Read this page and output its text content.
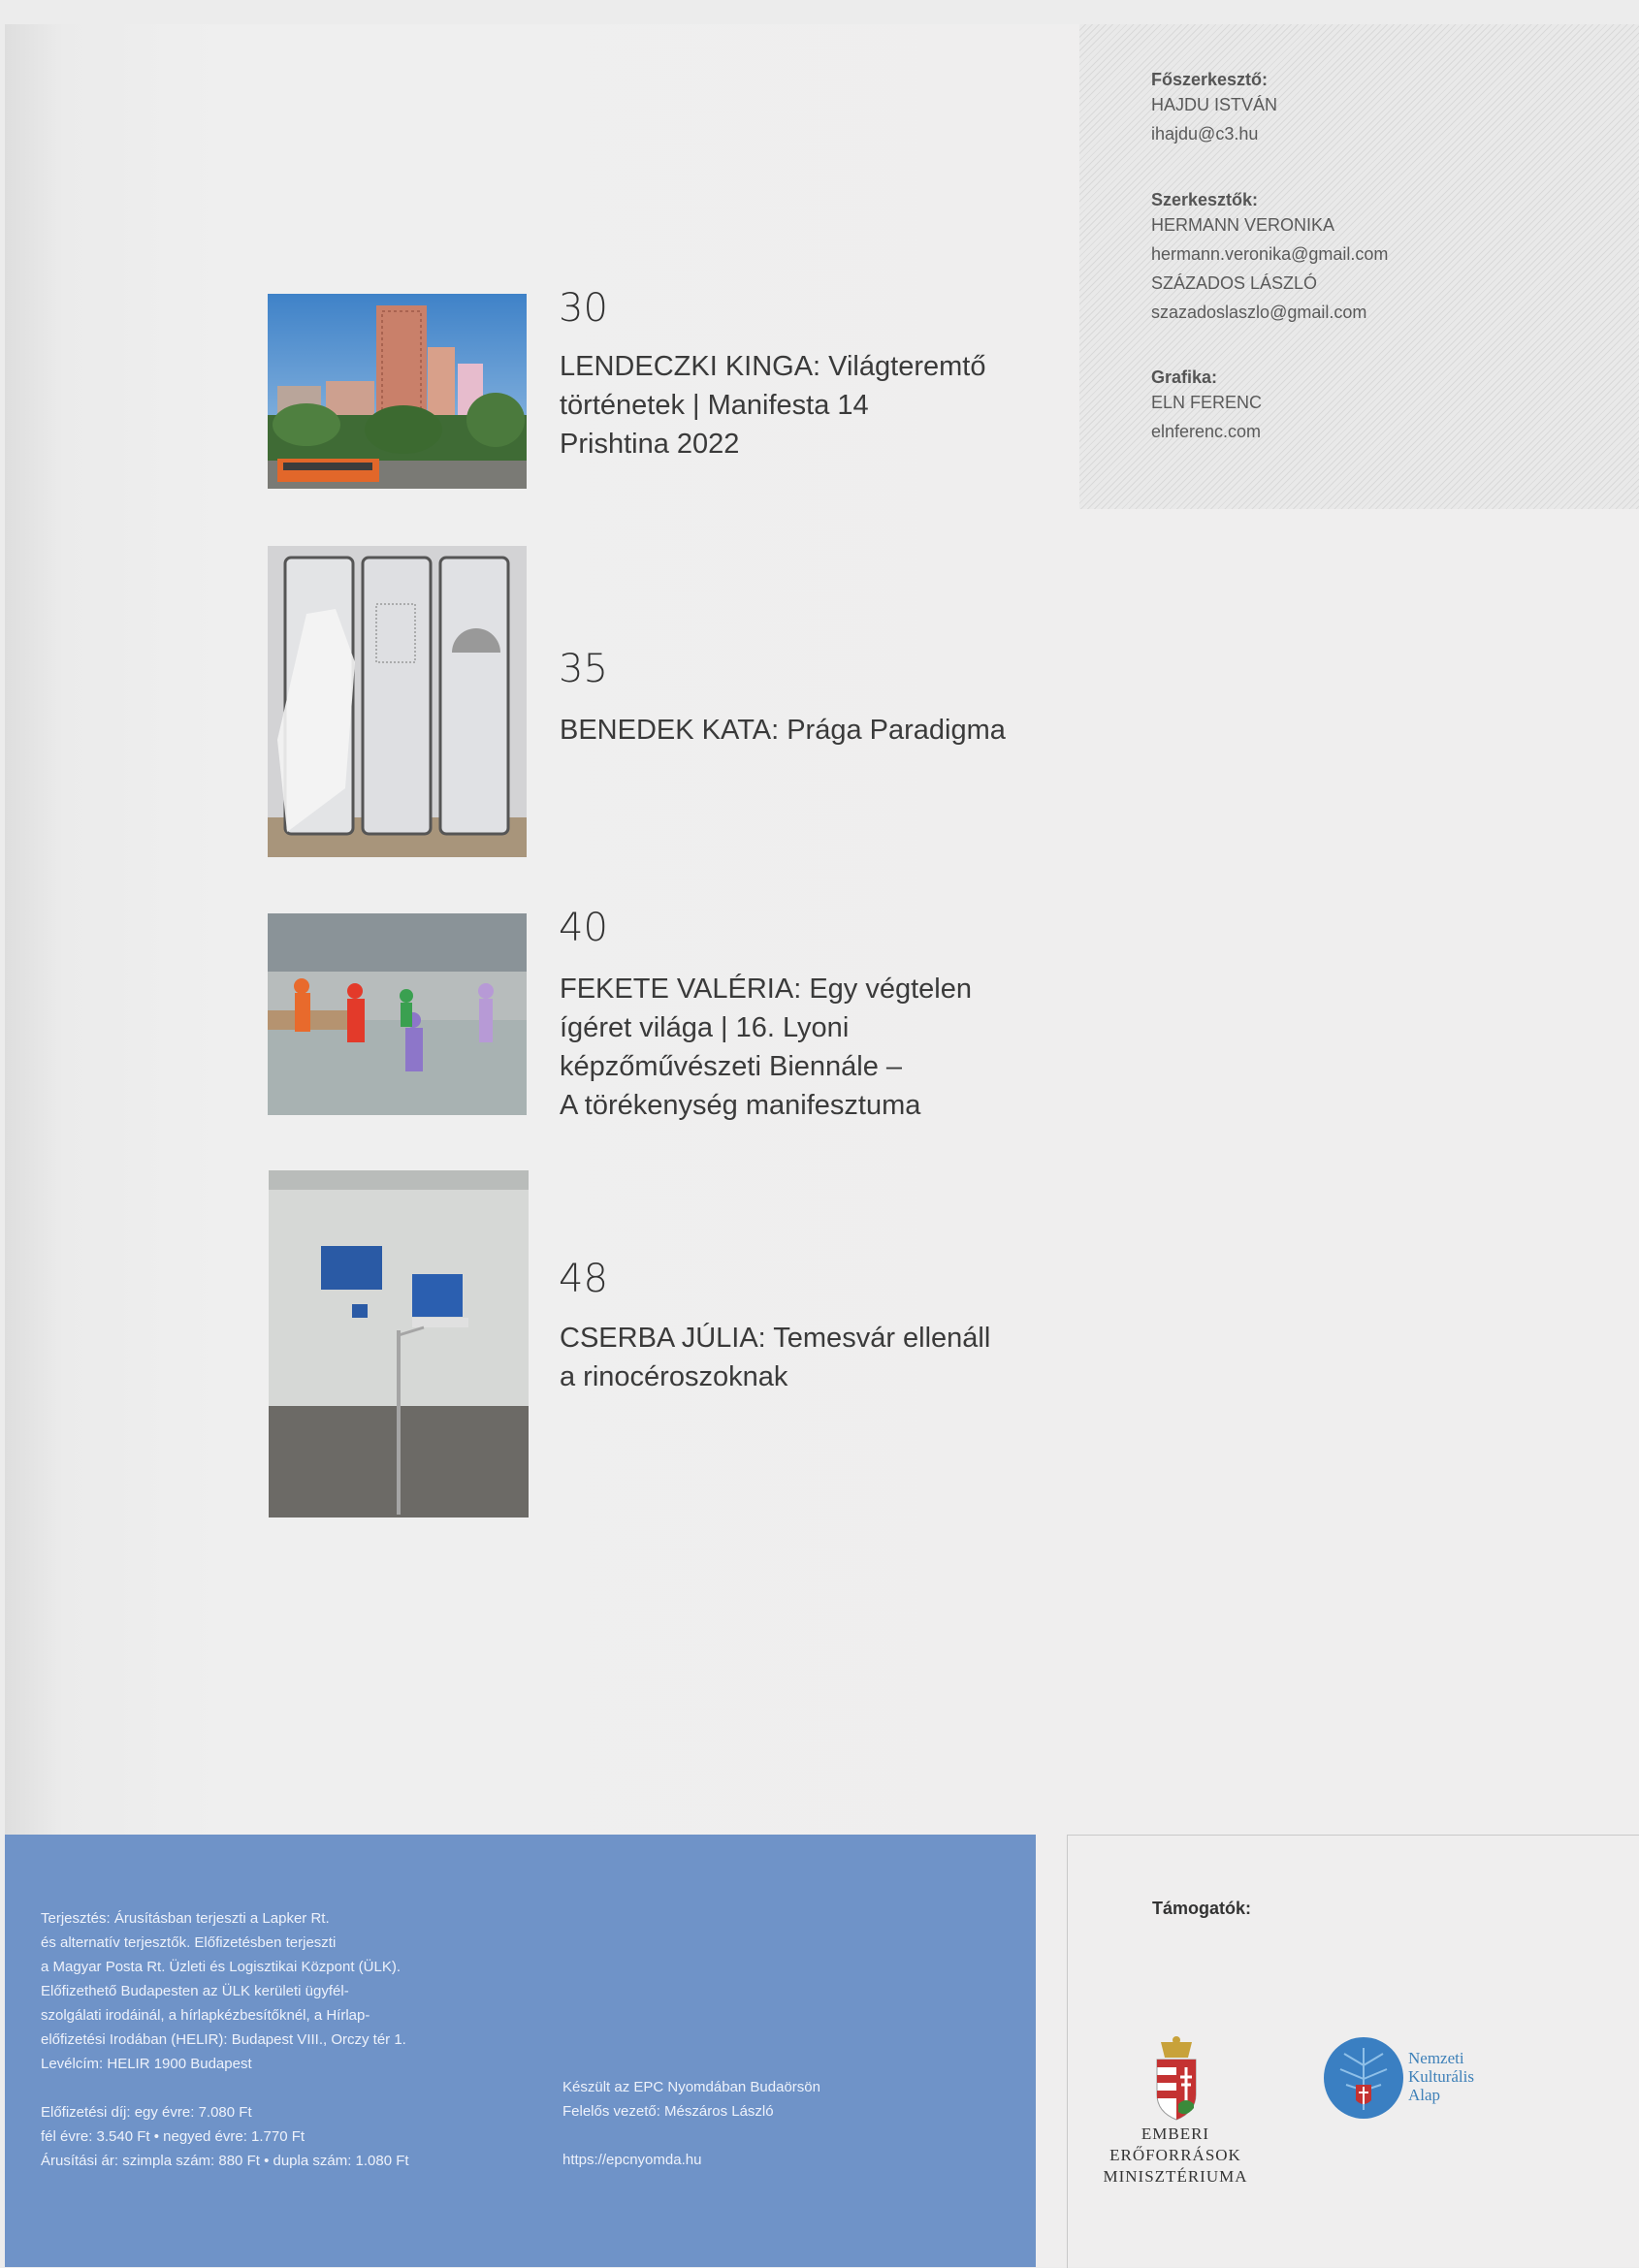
Főszerkesztő:

HAJDU ISTVÁN

ihajdu@c3.hu

Szerkesztők:

HERMANN VERONIKA

hermann.veronika@gmail.com

SZÁZADOS LÁSZLÓ

szazadoslaszlo@gmail.com

Grafika:

ELN FERENC

elnferenc.com

30
LENDECZKI KINGA: Világteremtő
történetek | Manifesta 14
Prishtina 2022
35
BENEDEK KATA: Prága Paradigma
40
FEKETE VALÉRIA: Egy végtelen
ígéret világa | 16. Lyoni
képzőművészeti Biennále –
A törékenység manifesztuma
48
CSERBA JÚLIA: Temesvár ellenáll
a rinocéroszoknak
Terjesztés: Árusításban terjeszti a Lapker Rt.
és alternatív terjesztők. Előfizetésben terjeszti
a Magyar Posta Rt. Üzleti és Logisztikai Központ (ÜLK).
Előfizethető Budapesten az ÜLK kerületi ügyfél-
szolgálati irodáinál, a hírlapkézbesítőknél, a Hírlap-
előfizetési Irodában (HELIR): Budapest VIII., Orczy tér 1.
Levélcím: HELIR 1900 Budapest
Előfizetési díj: egy évre: 7.080 Ft
fél évre: 3.540 Ft • negyed évre: 1.770 Ft
Árusítási ár: szimpla szám: 880 Ft • dupla szám: 1.080 Ft
Készült az EPC Nyomdában Budaörsön
Felelős vezető: Mészáros László
https://epcnyomda.hu
Támogatók:
EMBERI ERŐFORRÁSOK
MINISZTÉRIUMA
Nemzeti
Kulturális
Alap
